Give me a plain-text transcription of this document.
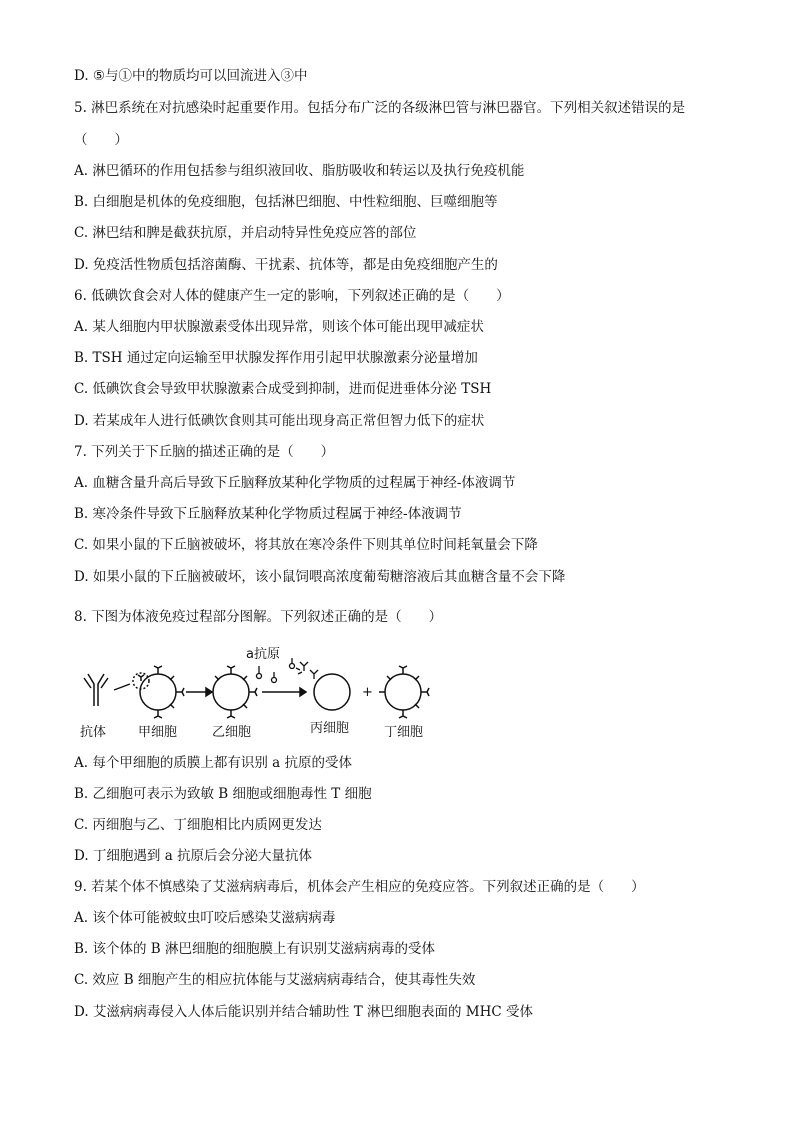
D. ⑤与①中的物质均可以回流进入③中
5. 淋巴系统在对抗感染时起重要作用。包括分布广泛的各级淋巴管与淋巴器官。下列相关叙述错误的是
（　　）
A. 淋巴循环的作用包括参与组织液回收、脂肪吸收和转运以及执行免疫机能
B. 白细胞是机体的免疫细胞，包括淋巴细胞、中性粒细胞、巨噬细胞等
C. 淋巴结和脾是截获抗原，并启动特异性免疫应答的部位
D. 免疫活性物质包括溶菌酶、干扰素、抗体等，都是由免疫细胞产生的
6. 低碘饮食会对人体的健康产生一定的影响，下列叙述正确的是（　　）
A. 某人细胞内甲状腺激素受体出现异常，则该个体可能出现甲减症状
B. TSH 通过定向运输至甲状腺发挥作用引起甲状腺激素分泌量增加
C. 低碘饮食会导致甲状腺激素合成受到抑制，进而促进垂体分泌 TSH
D. 若某成年人进行低碘饮食则其可能出现身高正常但智力低下的症状
7. 下列关于下丘脑的描述正确的是（　　）
A. 血糖含量升高后导致下丘脑释放某种化学物质的过程属于神经-体液调节
B. 寒冷条件导致下丘脑释放某种化学物质过程属于神经-体液调节
C. 如果小鼠的下丘脑被破坏，将其放在寒冷条件下则其单位时间耗氧量会下降
D. 如果小鼠的下丘脑被破坏，该小鼠饲喂高浓度葡萄糖溶液后其血糖含量不会下降
8. 下图为体液免疫过程部分图解。下列叙述正确的是（　　）
抗体 甲细胞	乙细胞
a抗原
丙细胞
+
丁细胞
A. 每个甲细胞的质膜上都有识别 a 抗原的受体
B. 乙细胞可表示为致敏 B 细胞或细胞毒性 T 细胞
C. 丙细胞与乙、丁细胞相比内质网更发达
D. 丁细胞遇到 a 抗原后会分泌大量抗体
9. 若某个体不慎感染了艾滋病病毒后，机体会产生相应的免疫应答。下列叙述正确的是（　　）
A. 该个体可能被蚊虫叮咬后感染艾滋病病毒
B. 该个体的 B 淋巴细胞的细胞膜上有识别艾滋病病毒的受体
C. 效应 B 细胞产生的相应抗体能与艾滋病病毒结合，使其毒性失效
D. 艾滋病病毒侵入人体后能识别并结合辅助性 T 淋巴细胞表面的 MHC 受体
